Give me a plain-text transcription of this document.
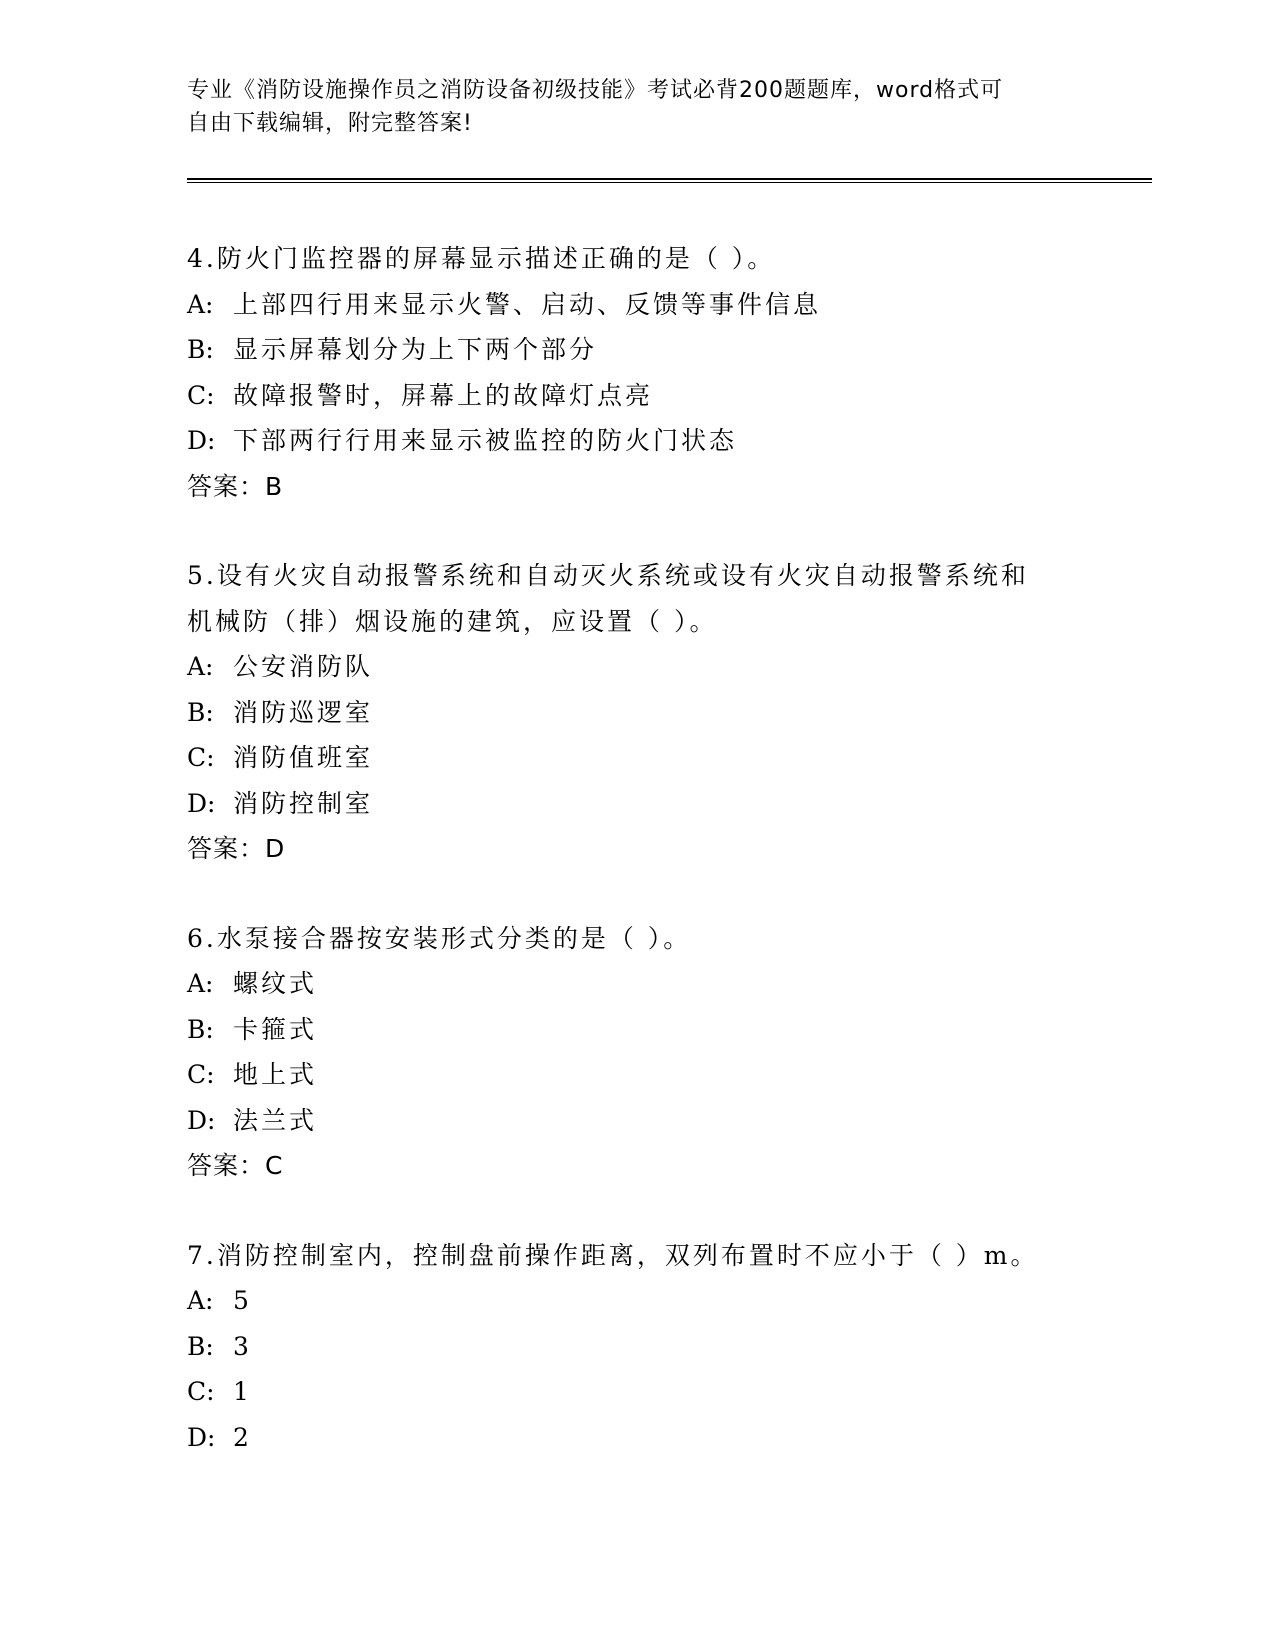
专业《消防设施操作员之消防设备初级技能》考试必背200题题库，word格式可
自由下载编辑，附完整答案!
4.防火门监控器的屏幕显示描述正确的是（ ）。
A: 上部四行用来显示火警、启动、反馈等事件信息
B: 显示屏幕划分为上下两个部分
C: 故障报警时，屏幕上的故障灯点亮
D: 下部两行行用来显示被监控的防火门状态
答案：B
5.设有火灾自动报警系统和自动灭火系统或设有火灾自动报警系统和
机械防（排）烟设施的建筑，应设置（ ）。
A: 公安消防队
B: 消防巡逻室
C: 消防值班室
D: 消防控制室
答案：D
6.水泵接合器按安装形式分类的是（ ）。
A: 螺纹式
B: 卡箍式
C: 地上式
D: 法兰式
答案：C
7.消防控制室内，控制盘前操作距离，双列布置时不应小于（ ）m。
A: 5
B: 3
C: 1
D: 2
